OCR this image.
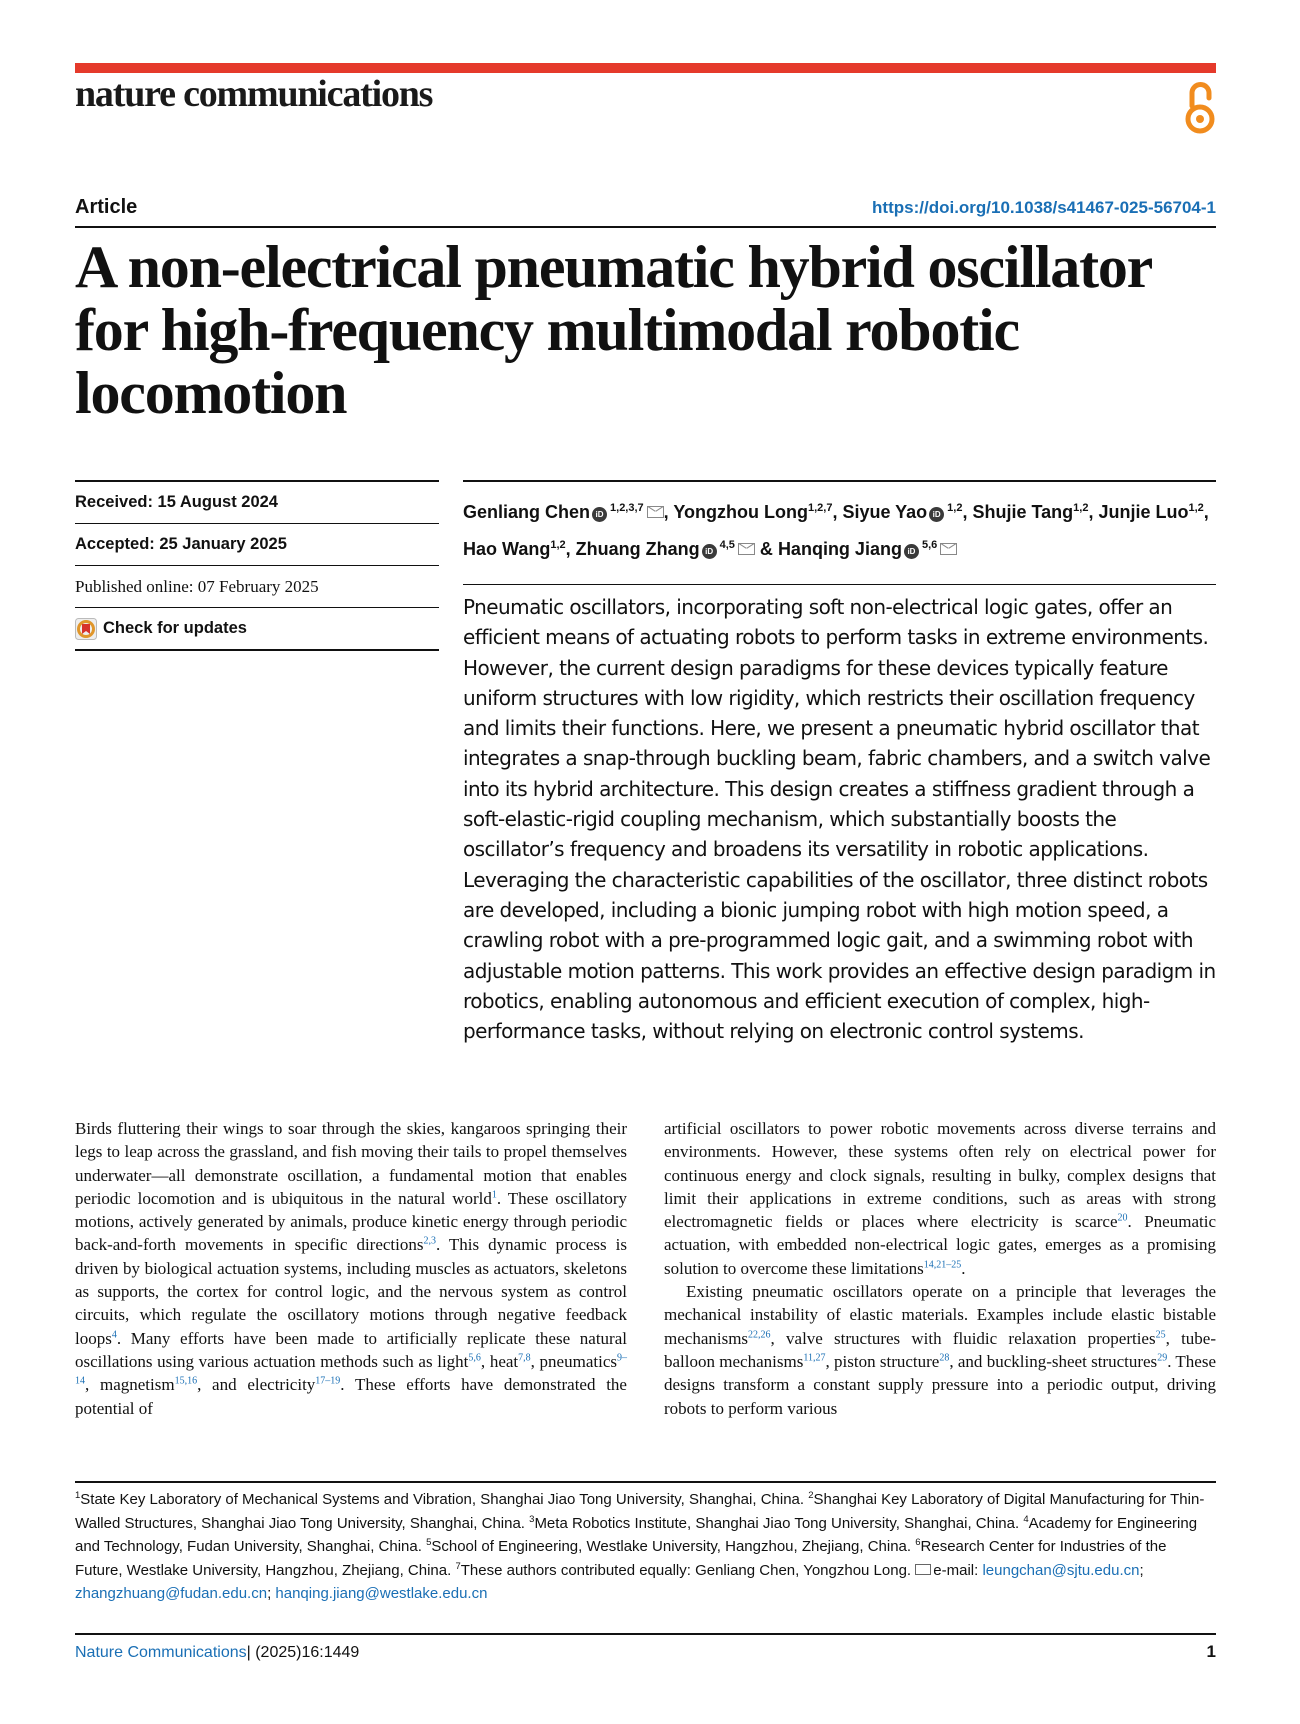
nature communications
Article	https://doi.org/10.1038/s41467-025-56704-1
A non-electrical pneumatic hybrid oscillator for high-frequency multimodal robotic locomotion
Received: 15 August 2024
Accepted: 25 January 2025
Published online: 07 February 2025
Check for updates

Genliang Chen iD$^{1,2,3,7}$ , Yongzhou Long$^{1,2,7}$, Siyue Yao iD$^{1,2}$, Shujie Tang$^{1,2}$, Junjie Luo$^{1,2}$, Hao Wang$^{1,2}$, Zhuang Zhang iD$^{4,5}$ & Hanqing Jiang iD$^{5,6}$

Pneumatic oscillators, incorporating soft non-electrical logic gates, offer an efficient means of actuating robots to perform tasks in extreme environments. However, the current design paradigms for these devices typically feature uniform structures with low rigidity, which restricts their oscillation frequency and limits their functions. Here, we present a pneumatic hybrid oscillator that integrates a snap-through buckling beam, fabric chambers, and a switch valve into its hybrid architecture. This design creates a stiffness gradient through a soft-elastic-rigid coupling mechanism, which substantially boosts the oscillator’s frequency and broadens its versatility in robotic applications. Leveraging the characteristic capabilities of the oscillator, three distinct robots are developed, including a bionic jumping robot with high motion speed, a crawling robot with a pre-programmed logic gait, and a swimming robot with adjustable motion patterns. This work provides an effective design paradigm in robotics, enabling autonomous and efficient execution of complex, high-performance tasks, without relying on electronic control systems.

Birds fluttering their wings to soar through the skies, kangaroos springing their legs to leap across the grassland, and fish moving their tails to propel themselves underwater—all demonstrate oscillation, a fundamental motion that enables periodic locomotion and is ubiquitous in the natural world$^1$. These oscillatory motions, actively generated by animals, produce kinetic energy through periodic back-and-forth movements in specific directions$^{2,3}$. This dynamic process is driven by biological actuation systems, including muscles as actuators, skeletons as supports, the cortex for control logic, and the nervous system as control circuits, which regulate the oscillatory motions through negative feedback loops$^4$. Many efforts have been made to artificially replicate these natural oscillations using various actuation methods such as light$^{5,6}$, heat$^{7,8}$, pneumatics$^{9-14}$, magnetism$^{15,16}$, and electricity$^{17-19}$. These efforts have demonstrated the potential of

artificial oscillators to power robotic movements across diverse terrains and environments. However, these systems often rely on electrical power for continuous energy and clock signals, resulting in bulky, complex designs that limit their applications in extreme conditions, such as areas with strong electromagnetic fields or places where electricity is scarce$^{20}$. Pneumatic actuation, with embedded non-electrical logic gates, emerges as a promising solution to overcome these limitations$^{14,21-25}$.

Existing pneumatic oscillators operate on a principle that leverages the mechanical instability of elastic materials. Examples include elastic bistable mechanisms$^{22,26}$, valve structures with fluidic relaxation properties$^{25}$, tube-balloon mechanisms$^{11,27}$, piston structure$^{28}$, and buckling-sheet structures$^{29}$. These designs transform a constant supply pressure into a periodic output, driving robots to perform various

$^1$State Key Laboratory of Mechanical Systems and Vibration, Shanghai Jiao Tong University, Shanghai, China. $^2$Shanghai Key Laboratory of Digital Manufacturing for Thin-Walled Structures, Shanghai Jiao Tong University, Shanghai, China. $^3$Meta Robotics Institute, Shanghai Jiao Tong University, Shanghai, China. $^4$Academy for Engineering and Technology, Fudan University, Shanghai, China. $^5$School of Engineering, Westlake University, Hangzhou, Zhejiang, China. $^6$Research Center for Industries of the Future, Westlake University, Hangzhou, Zhejiang, China. $^7$These authors contributed equally: Genliang Chen, Yongzhou Long. e-mail: leungchan@sjtu.edu.cn; zhangzhuang@fudan.edu.cn; hanqing.jiang@westlake.edu.cn

Nature Communications| (2025)16:1449	1
